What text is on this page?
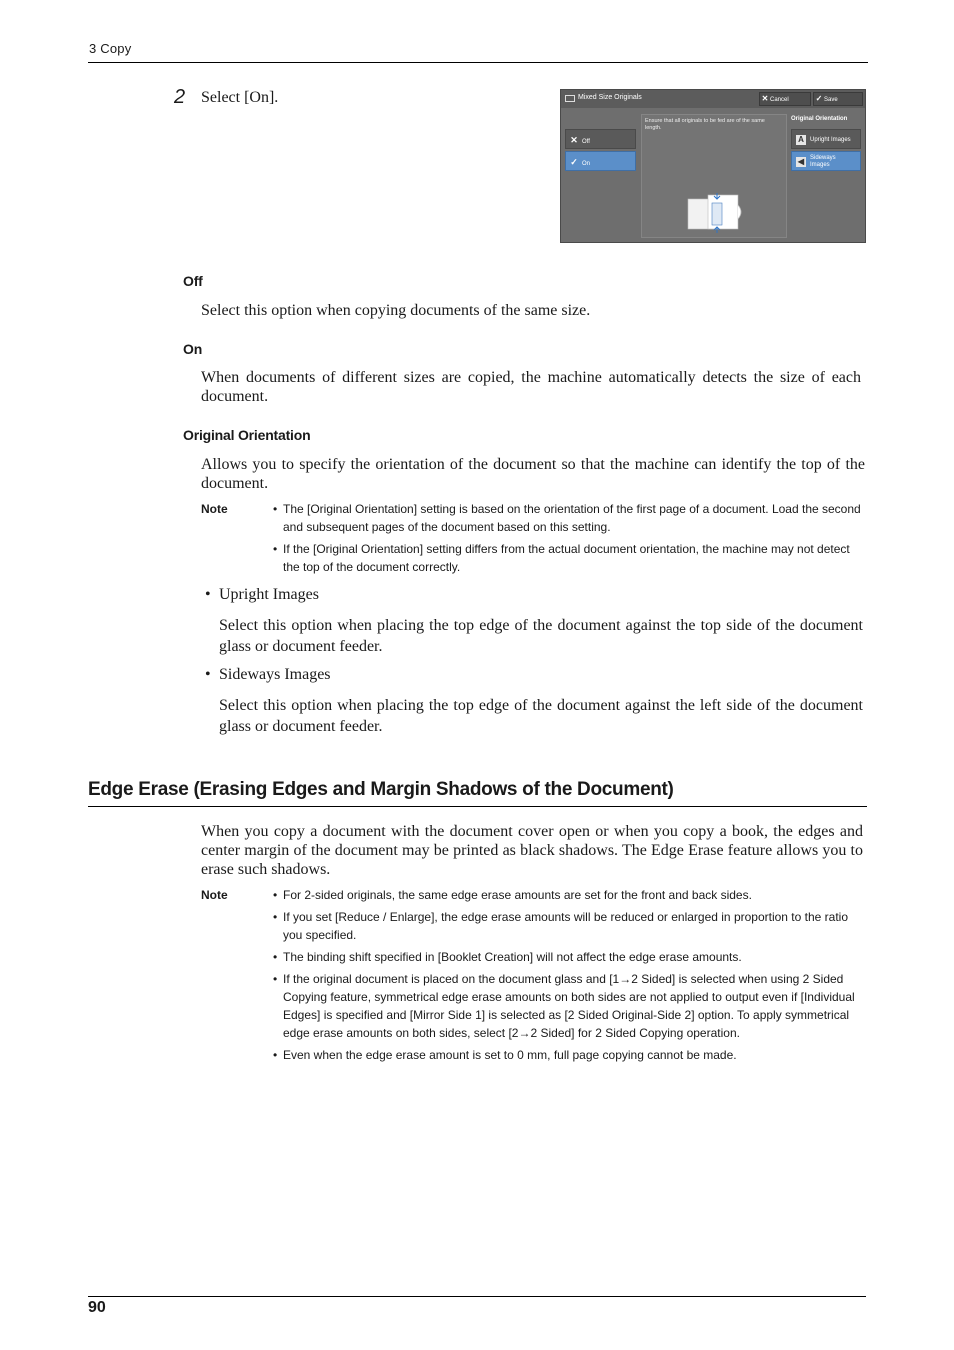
3 Copy
2 Select [On].	Mixed Size Originals	✕ Cancel	✓ Save
✕ Off
✓ On
Ensure that all originals to be fed are of the same length.
Original Orientation
A	Upright Images
◀ Sideways Images
Off
Select this option when copying documents of the same size.
On
When documents of different sizes are copied, the machine automatically detects the size of each document.
Original Orientation
Allows you to specify the orientation of the document so that the machine can identify the top of the document.
Note	• The [Original Orientation] setting is based on the orientation of the first page of a document. Load the second and subsequent pages of the document based on this setting.
• If the [Original Orientation] setting differs from the actual document orientation, the machine may not detect the top of the document correctly.
• Upright Images
Select this option when placing the top edge of the document against the top side of the document glass or document feeder.
• Sideways Images
Select this option when placing the top edge of the document against the left side of the document glass or document feeder.
Edge Erase (Erasing Edges and Margin Shadows of the Document)
When you copy a document with the document cover open or when you copy a book, the edges and center margin of the document may be printed as black shadows. The Edge Erase feature allows you to erase such shadows.
Note	• For 2-sided originals, the same edge erase amounts are set for the front and back sides.
• If you set [Reduce / Enlarge], the edge erase amounts will be reduced or enlarged in proportion to the ratio you specified.
• The binding shift specified in [Booklet Creation] will not affect the edge erase amounts.
• If the original document is placed on the document glass and [1→2 Sided] is selected when using 2 Sided Copying feature, symmetrical edge erase amounts on both sides are not applied to output even if [Individual Edges] is specified and [Mirror Side 1] is selected as [2 Sided Original-Side 2] option. To apply symmetrical edge erase amounts on both sides, select [2→2 Sided] for 2 Sided Copying operation.
• Even when the edge erase amount is set to 0 mm, full page copying cannot be made.
90
